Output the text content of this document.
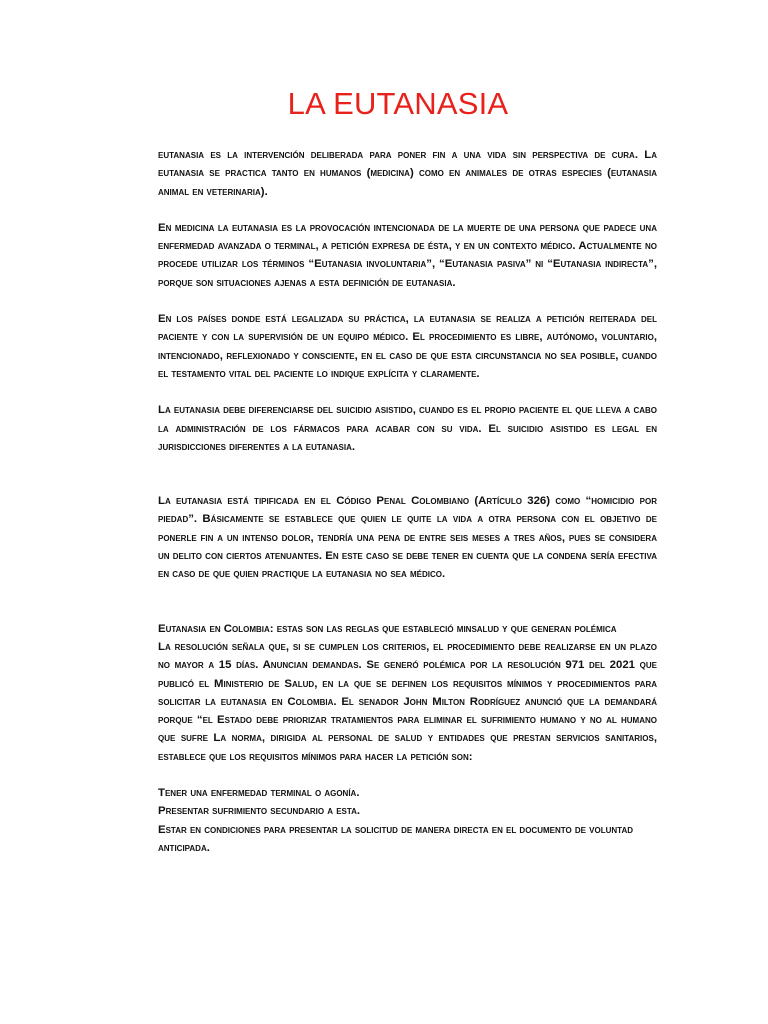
LA EUTANASIA

eutanasia es la intervención deliberada para poner fin a una vida sin perspectiva de cura. La eutanasia se practica tanto en humanos (medicina) como en animales de otras especies (eutanasia animal en veterinaria).

En medicina la eutanasia es la provocación intencionada de la muerte de una persona que padece una enfermedad avanzada o terminal, a petición expresa de ésta, y en un contexto médico. Actualmente no procede utilizar los términos “Eutanasia involuntaria”, “Eutanasia pasiva” ni “Eutanasia indirecta”, porque son situaciones ajenas a esta definición de eutanasia.

En los países donde está legalizada su práctica, la eutanasia se realiza a petición reiterada del paciente y con la supervisión de un equipo médico. El procedimiento es libre, autónomo, voluntario, intencionado, reflexionado y consciente, en el caso de que esta circunstancia no sea posible, cuando el testamento vital del paciente lo indique explícita y claramente.

La eutanasia debe diferenciarse del suicidio asistido, cuando es el propio paciente el que lleva a cabo la administración de los fármacos para acabar con su vida. El suicidio asistido es legal en jurisdicciones diferentes a la eutanasia.

La eutanasia está tipificada en el Código Penal Colombiano (Artículo 326) como “homicidio por piedad”. Básicamente se establece que quien le quite la vida a otra persona con el objetivo de ponerle fin a un intenso dolor, tendría una pena de entre seis meses a tres años, pues se considera un delito con ciertos atenuantes. En este caso se debe tener en cuenta que la condena sería efectiva en caso de que quien practique la eutanasia no sea médico.

Eutanasia en Colombia: estas son las reglas que estableció minsalud y que generan polémica

La resolución señala que, si se cumplen los criterios, el procedimiento debe realizarse en un plazo no mayor a 15 días. Anuncian demandas. Se generó polémica por la resolución 971 del 2021 que publicó el Ministerio de Salud, en la que se definen los requisitos mínimos y procedimientos para solicitar la eutanasia en Colombia. El senador John Milton Rodríguez anunció que la demandará porque “el Estado debe priorizar tratamientos para eliminar el sufrimiento humano y no al humano que sufre La norma, dirigida al personal de salud y entidades que prestan servicios sanitarios, establece que los requisitos mínimos para hacer la petición son:

Tener una enfermedad terminal o agonía.

Presentar sufrimiento secundario a esta.

Estar en condiciones para presentar la solicitud de manera directa en el documento de voluntad anticipada.
